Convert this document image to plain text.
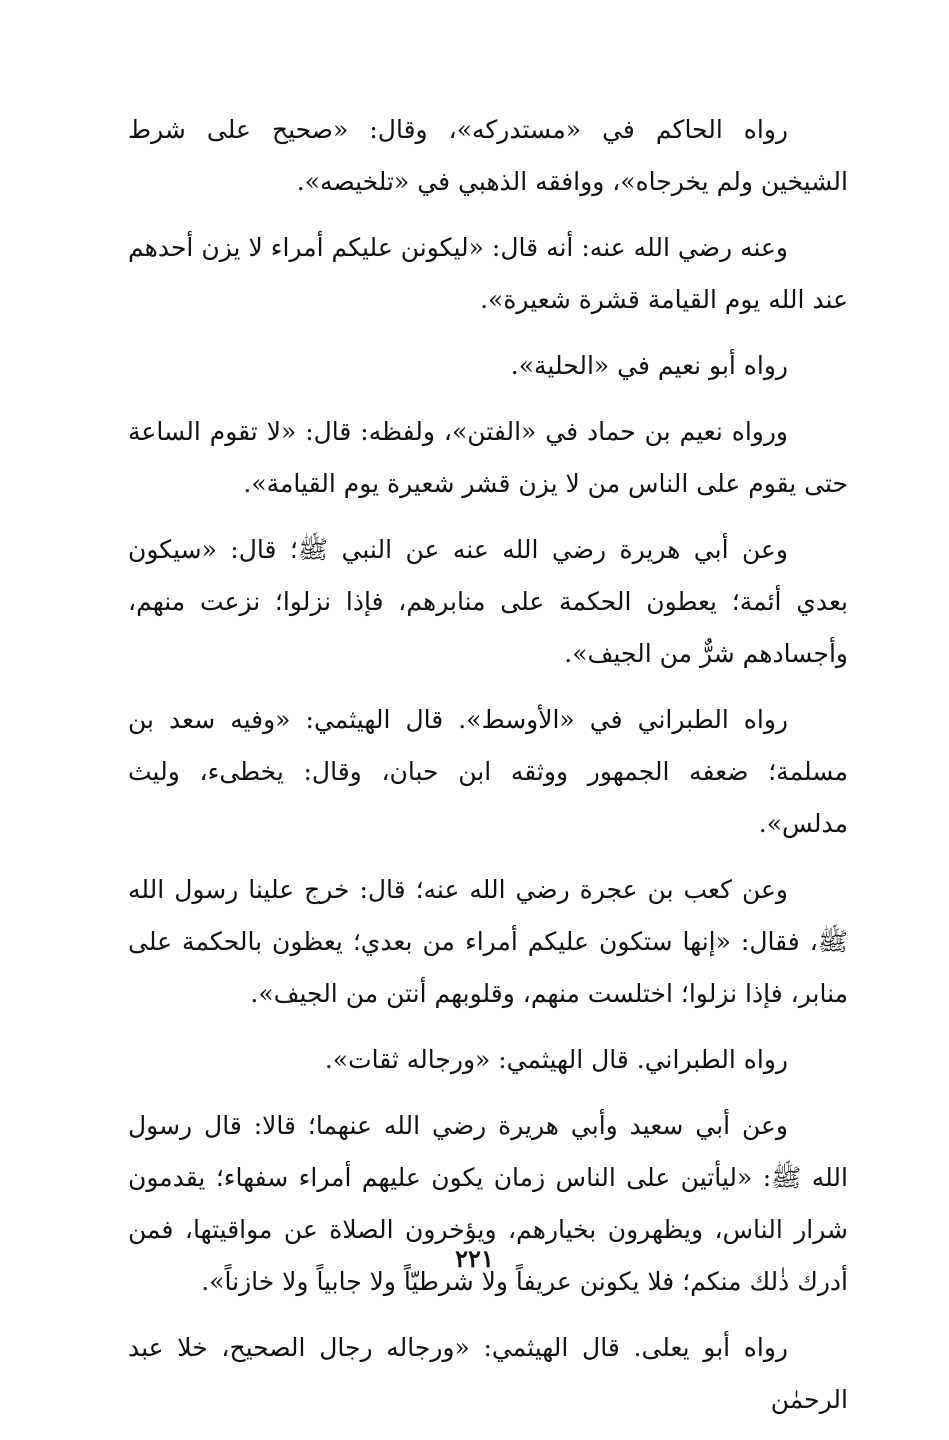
رواه الحاكم في «مستدركه»، وقال: «صحيح على شرط الشيخين ولم يخرجاه»، ووافقه الذهبي في «تلخيصه».

وعنه رضي الله عنه: أنه قال: «ليكونن عليكم أمراء لا يزن أحدهم عند الله يوم القيامة قشرة شعيرة».

رواه أبو نعيم في «الحلية».

ورواه نعيم بن حماد في «الفتن»، ولفظه: قال: «لا تقوم الساعة حتى يقوم على الناس من لا يزن قشر شعيرة يوم القيامة».

وعن أبي هريرة رضي الله عنه عن النبي ﷺ؛ قال: «سيكون بعدي أئمة؛ يعطون الحكمة على منابرهم، فإذا نزلوا؛ نزعت منهم، وأجسادهم شرٌّ من الجيف».

رواه الطبراني في «الأوسط». قال الهيثمي: «وفيه سعد بن مسلمة؛ ضعفه الجمهور ووثقه ابن حبان، وقال: يخطىء، وليث مدلس».

وعن كعب بن عجرة رضي الله عنه؛ قال: خرج علينا رسول الله ﷺ، فقال: «إنها ستكون عليكم أمراء من بعدي؛ يعظون بالحكمة على منابر، فإذا نزلوا؛ اختلست منهم، وقلوبهم أنتن من الجيف».

رواه الطبراني. قال الهيثمي: «ورجاله ثقات».

وعن أبي سعيد وأبي هريرة رضي الله عنهما؛ قالا: قال رسول الله ﷺ: «ليأتين على الناس زمان يكون عليهم أمراء سفهاء؛ يقدمون شرار الناس، ويظهرون بخيارهم، ويؤخرون الصلاة عن مواقيتها، فمن أدرك ذٰلك منكم؛ فلا يكونن عريفاً ولا شرطيّاً ولا جابياً ولا خازناً».

رواه أبو يعلى. قال الهيثمي: «ورجاله رجال الصحيح، خلا عبد الرحمٰن

٢٢١
